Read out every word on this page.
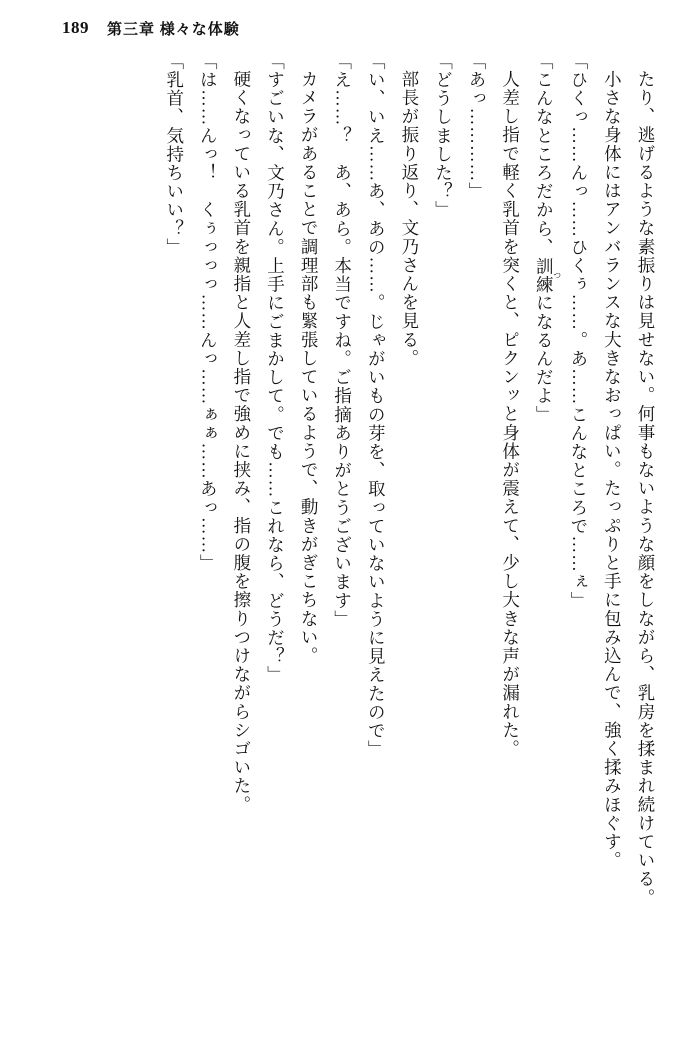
189 第三章 様々な体験

たり、逃げるような素振りは見せない。何事もないような顔をしながら、乳房を揉まれ続けている。

小さな身体にはアンバランスな大きなおっぱい。たっぷりと手に包み込んで、強く揉みほぐす。

「ひくっ……んっ……ひくぅ……。あ……こんなところで……ぇ」

「こんなところだから、訓練つになるんだよ」

人差し指で軽く乳首を突くと、ピクンッと身体が震えて、少し大きな声が漏れた。

「あっ…………」

「どうしました？」

部長が振り返り、文乃さんを見る。

「い、いえ……あ、あの……。じゃがいもの芽を、取っていないように見えたので」

「え……？　あ、あら。本当ですね。ご指摘ありがとうございます」

カメラがあることで調理部も緊張しているようで、動きがぎこちない。

「すごいな、文乃さん。上手にごまかして。でも……これなら、どうだ？」

硬くなっている乳首を親指と人差し指で強めに挟み、指の腹を擦りつけながらシゴいた。

「は……んっ！　くぅっっっ……んっ……ぁぁ……あっ……」

「乳首、気持ちいい？」
